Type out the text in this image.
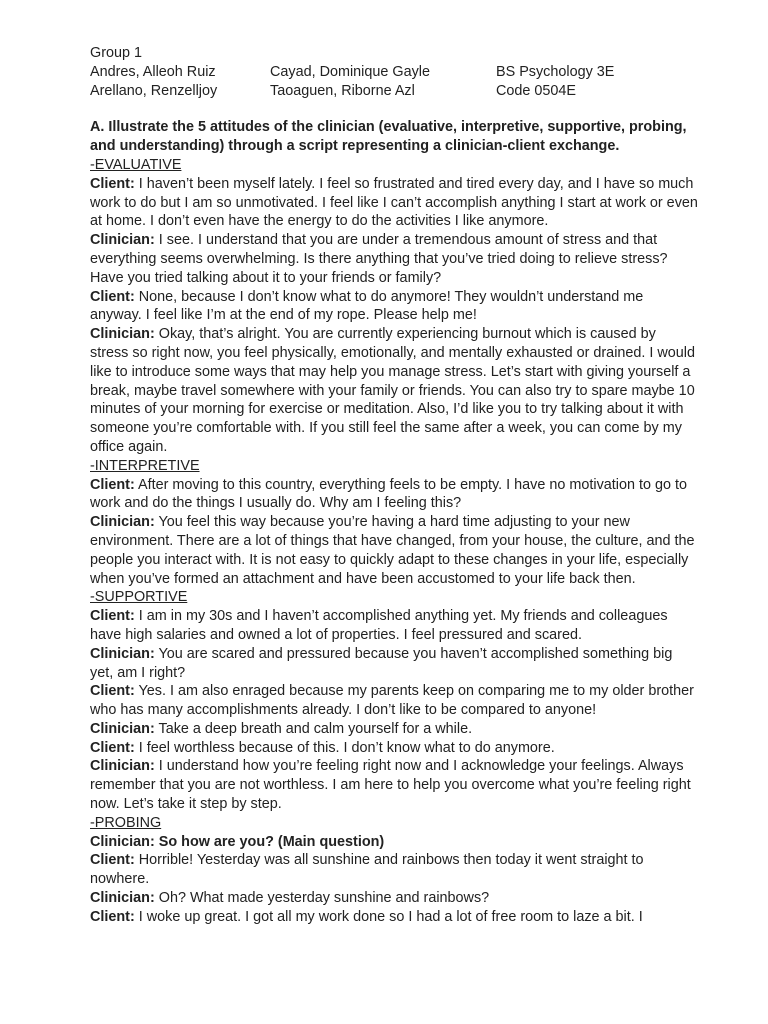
Group 1

Andres, Alleoh Ruiz	Cayad, Dominique Gayle	BS Psychology 3E
Arellano, Renzelljoy	Taoaguen, Riborne Azl	Code 0504E

A. Illustrate the 5 attitudes of the clinician (evaluative, interpretive, supportive, probing, and understanding) through a script representing a clinician-client exchange.

-EVALUATIVE

Client: I haven’t been myself lately. I feel so frustrated and tired every day, and I have so much work to do but I am so unmotivated. I feel like I can’t accomplish anything I start at work or even at home. I don’t even have the energy to do the activities I like anymore.

Clinician: I see. I understand that you are under a tremendous amount of stress and that everything seems overwhelming. Is there anything that you’ve tried doing to relieve stress? Have you tried talking about it to your friends or family?

Client: None, because I don’t know what to do anymore! They wouldn’t understand me anyway. I feel like I’m at the end of my rope. Please help me!

Clinician: Okay, that’s alright. You are currently experiencing burnout which is caused by stress so right now, you feel physically, emotionally, and mentally exhausted or drained. I would like to introduce some ways that may help you manage stress. Let’s start with giving yourself a break, maybe travel somewhere with your family or friends. You can also try to spare maybe 10 minutes of your morning for exercise or meditation. Also, I’d like you to try talking about it with someone you’re comfortable with. If you still feel the same after a week, you can come by my office again.

-INTERPRETIVE

Client: After moving to this country, everything feels to be empty. I have no motivation to go to work and do the things I usually do. Why am I feeling this?

Clinician: You feel this way because you’re having a hard time adjusting to your new environment. There are a lot of things that have changed, from your house, the culture, and the people you interact with. It is not easy to quickly adapt to these changes in your life, especially when you’ve formed an attachment and have been accustomed to your life back then.

-SUPPORTIVE

Client: I am in my 30s and I haven’t accomplished anything yet. My friends and colleagues have high salaries and owned a lot of properties. I feel pressured and scared.

Clinician: You are scared and pressured because you haven’t accomplished something big yet, am I right?

Client: Yes. I am also enraged because my parents keep on comparing me to my older brother who has many accomplishments already. I don’t like to be compared to anyone!

Clinician: Take a deep breath and calm yourself for a while.

Client: I feel worthless because of this. I don’t know what to do anymore.

Clinician: I understand how you’re feeling right now and I acknowledge your feelings. Always remember that you are not worthless. I am here to help you overcome what you’re feeling right now. Let’s take it step by step.

-PROBING

Clinician: So how are you? (Main question)

Client: Horrible! Yesterday was all sunshine and rainbows then today it went straight to nowhere.

Clinician: Oh? What made yesterday sunshine and rainbows?

Client: I woke up great. I got all my work done so I had a lot of free room to laze a bit. I
